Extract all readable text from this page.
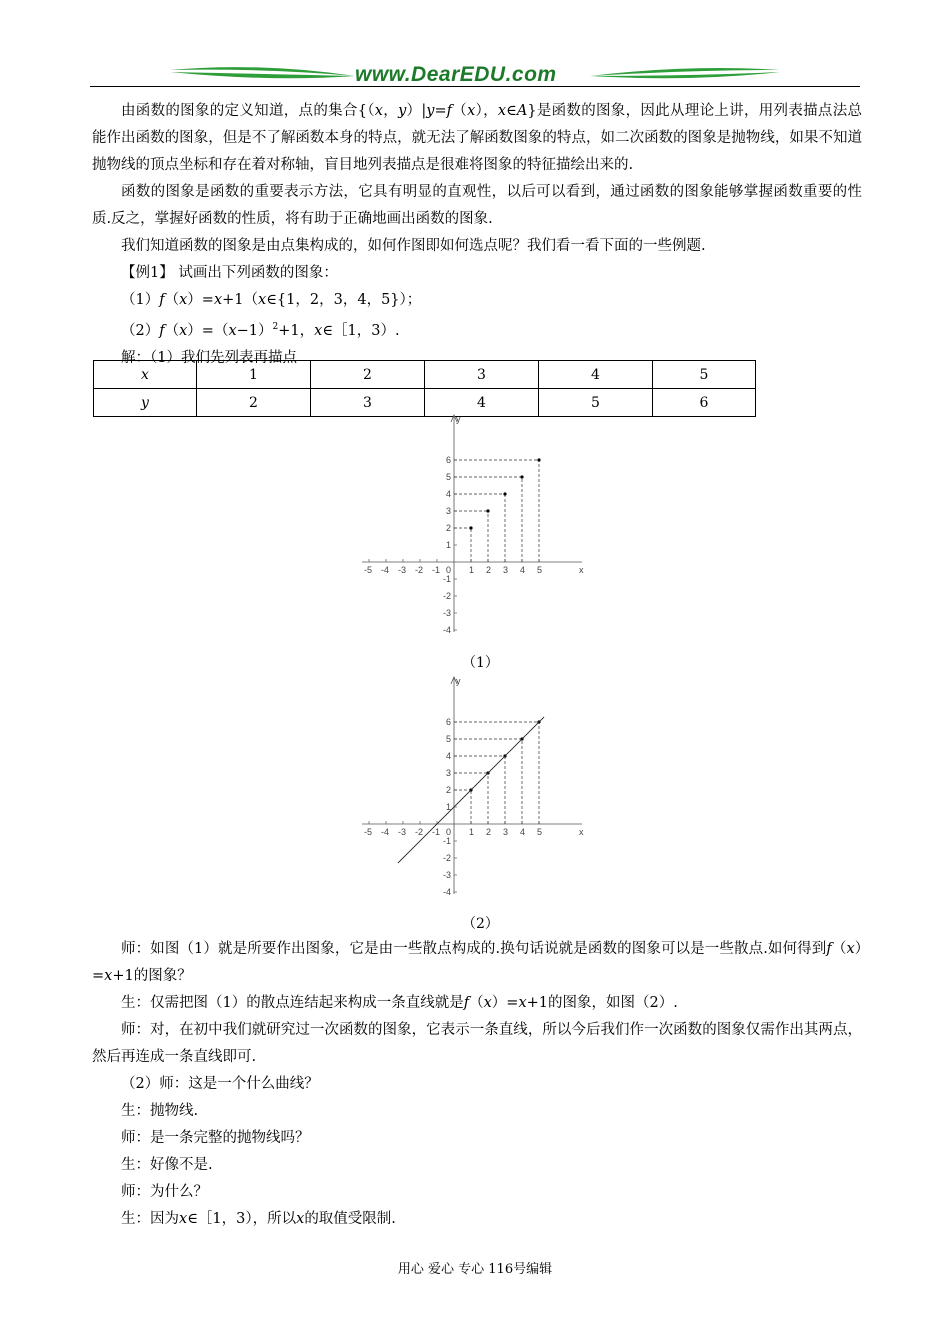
www.DearEDU.com

由函数的图象的定义知道，点的集合{（x，y）|y=f（x），x∈A}是函数的图象，因此从理论上讲，用列表描点法总能作出函数的图象，但是不了解函数本身的特点，就无法了解函数图象的特点，如二次函数的图象是抛物线，如果不知道抛物线的顶点坐标和存在着对称轴，盲目地列表描点是很难将图象的特征描绘出来的.

函数的图象是函数的重要表示方法，它具有明显的直观性，以后可以看到，通过函数的图象能够掌握函数重要的性质.反之，掌握好函数的性质，将有助于正确地画出函数的图象.

我们知道函数的图象是由点集构成的，如何作图即如何选点呢？我们看一看下面的一些例题.

【例1】 试画出下列函数的图象：

（1）f（x）=x+1（x∈{1，2，3，4，5}）；

$(2)f(x)=(x-1)^2+1$，x∈［1，3）.

解：（1）我们先列表再描点

x	1	2	3	4	5
y	2	3	4	5	6
x
y
0
-5 -4 -3 -2 -1	1 2 3 4 5
6
5
4
3
2
1
-1
-2
-3
-4
（1）
x
y
0
-5 -4 -3 -2 -1	1 2 3 4 5
6
5
4
3
2
1
-1
-2
-3
-4
（2）

师：如图（1）就是所要作出图象，它是由一些散点构成的.换句话说就是函数的图象可以是一些散点.如何得到f（x）=x+1的图象？

生：仅需把图（1）的散点连结起来构成一条直线就是f（x）=x+1的图象，如图（2）.

师：对，在初中我们就研究过一次函数的图象，它表示一条直线，所以今后我们作一次函数的图象仅需作出其两点，然后再连成一条直线即可.

（2）师：这是一个什么曲线？

生：抛物线.

师：是一条完整的抛物线吗？

生：好像不是.

师：为什么？

生：因为x∈［1，3），所以x的取值受限制.

用心 爱心 专心 116号编辑
